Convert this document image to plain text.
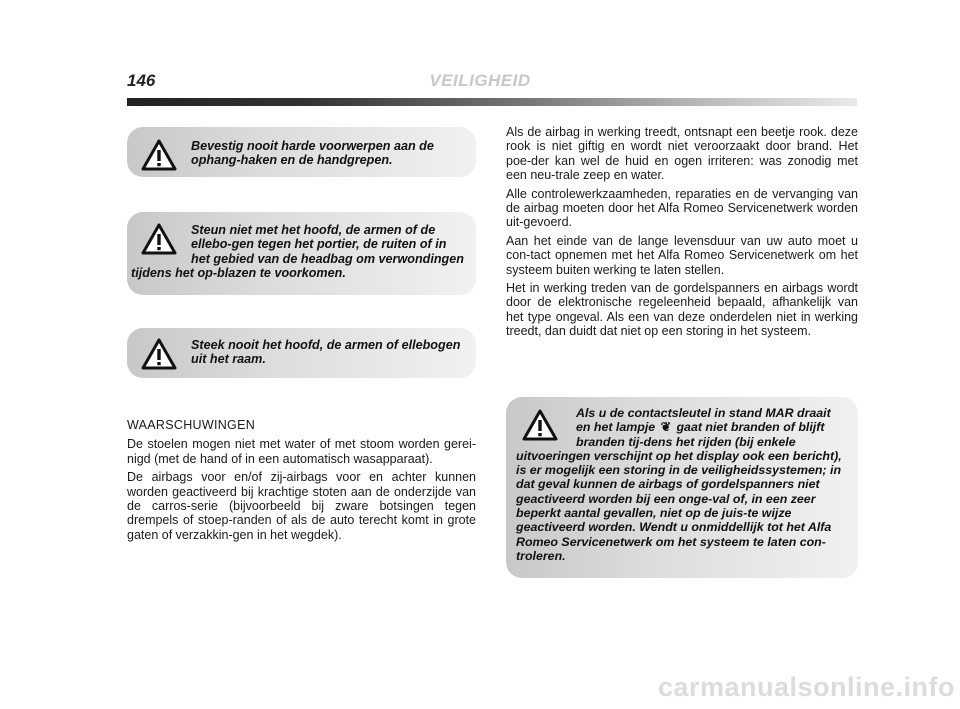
146	VEILIGHEID

Bevestig nooit harde voorwerpen aan de ophang-haken en de handgrepen.

Steun niet met het hoofd, de armen of de ellebo-gen tegen het portier, de ruiten of in het gebied van de headbag om verwondingen tijdens het op-blazen te voorkomen.

Steek nooit het hoofd, de armen of ellebogen uit het raam.

WAARSCHUWINGEN

De stoelen mogen niet met water of met stoom worden gerei-nigd (met de hand of in een automatisch wasapparaat).

De airbags voor en/of zij-airbags voor en achter kunnen worden geactiveerd bij krachtige stoten aan de onderzijde van de carros-serie (bijvoorbeeld bij zware botsingen tegen drempels of stoep-randen of als de auto terecht komt in grote gaten of verzakkin-gen in het wegdek).

Als de airbag in werking treedt, ontsnapt een beetje rook. deze rook is niet giftig en wordt niet veroorzaakt door brand. Het poe-der kan wel de huid en ogen irriteren: was zonodig met een neu-trale zeep en water.

Alle controlewerkzaamheden, reparaties en de vervanging van de airbag moeten door het Alfa Romeo Servicenetwerk worden uit-gevoerd.

Aan het einde van de lange levensduur van uw auto moet u con-tact opnemen met het Alfa Romeo Servicenetwerk om het systeem buiten werking te laten stellen.

Het in werking treden van de gordelspanners en airbags wordt door de elektronische regeleenheid bepaald, afhankelijk van het type ongeval. Als een van deze onderdelen niet in werking treedt, dan duidt dat niet op een storing in het systeem.

Als u de contactsleutel in stand MAR draait en het lampje ❦ gaat niet branden of blijft branden tij-dens het rijden (bij enkele uitvoeringen verschijnt op het display ook een bericht), is er mogelijk een storing in de veiligheidssystemen; in dat geval kunnen de airbags of gordelspanners niet geactiveerd worden bij een onge-val of, in een zeer beperkt aantal gevallen, niet op de juis-te wijze geactiveerd worden. Wendt u onmiddellijk tot het Alfa Romeo Servicenetwerk om het systeem te laten con-troleren.

carmanualsonline.info
